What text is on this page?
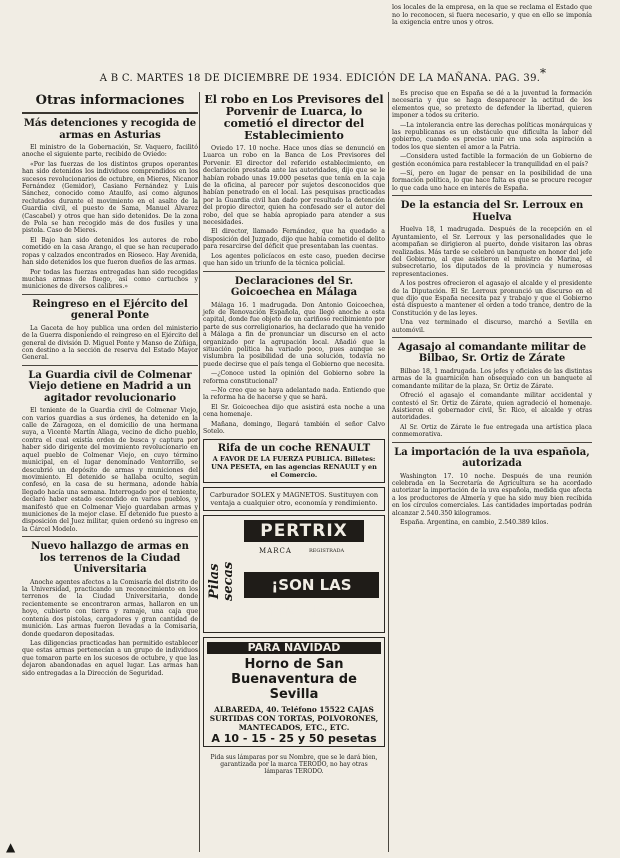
los locales de la empresa, en la que se reclama el Estado que no lo reconocen, si fuera necesario, y que en ello se imponía la exigencia entre unos y otros.
A B C. MARTES 18 DE DICIEMBRE DE 1934. EDICIÓN DE LA MAÑANA. PAG. 39. *
Otras informaciones
Más detenciones y recogida de armas en Asturias

El ministro de la Gobernación, Sr. Vaquero, facilitó anoche el siguiente parte, recibido de Oviedo:

«Por las fuerzas de los distintos grupos operantes han sido detenidos los individuos comprendidos en los sucesos revolucionarios de octubre, en Mieres, Nicanor Fernández (Gemidor), Casiano Fernández y Luis Sánchez, conocido como Ataulfo, así como algunos reclutados durante el movimiento en el asalto de la Guardia civil, el puesto de Sama, Manuel Álvarez (Cascabel) y otros que han sido detenidos. De la zona de Pola se han recogido más de dos fusiles y una pistola. Caso de Mieres.

El Bajo han sido detenidos los autores de robo cometido en la casa Arango, el que se han recuperado ropas y calzados encontrados en Rioseco. Hay Avenida, han sido detenidos los que fueron dueños de las armas.

Por todas las fuerzas entregadas han sido recogidas muchas armas de fuego, así como cartuchos y municiones de diversos calibres.»

Reingreso en el Ejército del general Ponte

La Gaceta de hoy publica una orden del ministerio de la Guerra disponiendo el reingreso en el Ejército del general de división D. Miguel Ponte y Manso de Zúñiga, con destino a la sección de reserva del Estado Mayor General.

La Guardia civil de Colmenar Viejo detiene en Madrid a un agitador revolucionario

El teniente de la Guardia civil de Colmenar Viejo, con varios guardias a sus órdenes, ha detenido en la calle de Zaragoza, en el domicilio de una hermana suya, a Vicente Martín Aliaga, vecino de dicho pueblo, contra el cual existía orden de busca y captura por haber sido dirigente del movimiento revolucionario en aquel pueblo de Colmenar Viejo, en cuyo término municipal, en el lugar denominado Ventorrillo, se descubrió un depósito de armas y municiones del movimiento. El detenido se hallaba oculto, según confesó, en la casa de su hermana, adonde había llegado hacía una semana. Interrogado por el teniente, declaró haber estado escondido en varios pueblos, y manifestó que en Colmenar Viejo guardaban armas y municiones de la mejor clase. El detenido fue puesto a disposición del Juez militar, quien ordenó su ingreso en la Cárcel Modelo.

Nuevo hallazgo de armas en los terrenos de la Ciudad Universitaria

Anoche agentes afectos a la Comisaría del distrito de la Universidad, practicando un reconocimiento en los terrenos de la Ciudad Universitaria, donde recientemente se encontraron armas, hallaron en un hoyo, cubierto con tierra y ramaje, una caja que contenía dos pistolas, cargadores y gran cantidad de munición. Las armas fueron llevadas a la Comisaría, donde quedaron depositadas.

Las diligencias practicadas han permitido establecer que estas armas pertenecían a un grupo de individuos que tomaron parte en los sucesos de octubre, y que las dejaron abandonadas en aquel lugar. Las armas han sido entregadas a la Dirección de Seguridad.

El robo en Los Previsores del Porvenir de Luarca, lo cometió el director del Establecimiento

Oviedo 17. 10 noche. Hace unos días se denunció en Luarca un robo en la Banca de Los Previsores del Porvenir. El director del referido establecimiento, en declaración prestada ante las autoridades, dijo que se le habían robado unas 19.000 pesetas que tenía en la caja de la oficina, al parecer por sujetos desconocidos que habían penetrado en el local. Las pesquisas practicadas por la Guardia civil han dado por resultado la detención del propio director, quien ha confesado ser el autor del robo, del que se había apropiado para atender a sus necesidades.

El director, llamado Fernández, que ha quedado a disposición del Juzgado, dijo que había cometido el delito para resarcirse del déficit que presentaban las cuentas.

Los agentes policíacos en este caso, pueden decirse que han sido un triunfo de la técnica policial.

Declaraciones del Sr. Goicoechea en Málaga

Málaga 16. 1 madrugada. Don Antonio Goicoechea, jefe de Renovación Española, que llegó anoche a esta capital, donde fue objeto de un cariñoso recibimiento por parte de sus correligionarios, ha declarado que ha venido a Málaga a fin de pronunciar un discurso en el acto organizado por la agrupación local. Añadió que la situación política ha variado poco, pues aunque se vislumbra la posibilidad de una solución, todavía no puede decirse que el país tenga el Gobierno que necesita.

—¿Conoce usted la opinión del Gobierno sobre la reforma constitucional?

—No creo que se haya adelantado nada. Entiendo que la reforma ha de hacerse y que se hará.

El Sr. Goicoechea dijo que asistirá esta noche a una cena homenaje.

Mañana, domingo, llegará también el señor Calvo Sotelo.

Rifa de un coche RENAULT
A FAVOR DE LA FUERZA PUBLICA. Billetes: UNA PESETA, en las agencias RENAULT y en el Comercio.
Carburador SOLEX y MAGNETOS. Sustituyen con ventaja a cualquier otro, economía y rendimiento.
Pilas secas
PERTRIX
MARCA	REGISTRADA
¡SON LAS MEJORES!
PARA NAVIDAD
Horno de San Buenaventura de Sevilla
ALBAREDA, 40. Teléfono 15522 CAJAS SURTIDAS CON TORTAS, POLVORONES, MANTECADOS, ETC., ETC.
A 10 - 15 - 25 y 50 pesetas
Pida sus lámparas por su Nombre, que se le dará bien, garantizada por la marca TERODO, no hay otras lámparas TERODO.

Es preciso que en España se dé a la juventud la formación necesaria y que se haga desaparecer la actitud de los elementos que, so pretexto de defender la libertad, quieren imponer a todos su criterio.

—La intolerancia entre las derechas políticas monárquicas y las republicanas es un obstáculo que dificulta la labor del gobierno, cuando es preciso unir en una sola aspiración a todos los que sienten el amor a la Patria.

—Considera usted factible la formación de un Gobierno de gestión económica para restablecer la tranquilidad en el país?

—Sí, pero en lugar de pensar en la posibilidad de una formación política, lo que hace falta es que se procure recoger lo que cada uno hace en interés de España.

De la estancia del Sr. Lerroux en Huelva

Huelva 18, 1 madrugada. Después de la recepción en el Ayuntamiento, el Sr. Lerroux y las personalidades que le acompañan se dirigieron al puerto, donde visitaron las obras realizadas. Más tarde se celebró un banquete en honor del jefe del Gobierno, al que asistieron el ministro de Marina, el subsecretario, los diputados de la provincia y numerosas representaciones.

A los postres ofrecieron el agasajo el alcalde y el presidente de la Diputación. El Sr. Lerroux pronunció un discurso en el que dijo que España necesita paz y trabajo y que el Gobierno está dispuesto a mantener el orden a todo trance, dentro de la Constitución y de las leyes.

Una vez terminado el discurso, marchó a Sevilla en automóvil.

Agasajo al comandante militar de Bilbao, Sr. Ortiz de Zárate

Bilbao 18, 1 madrugada. Los jefes y oficiales de las distintas armas de la guarnición han obsequiado con un banquete al comandante militar de la plaza, Sr. Ortiz de Zárate.

Ofreció el agasajo el comandante militar accidental y contestó el Sr. Ortiz de Zárate, quien agradeció el homenaje. Asistieron el gobernador civil, Sr. Rico, el alcalde y otras autoridades.

Al Sr. Ortiz de Zárate le fue entregada una artística placa conmemorativa.

La importación de la uva española, autorizada

Washington 17. 10 noche. Después de una reunión celebrada en la Secretaría de Agricultura se ha acordado autorizar la importación de la uva española, medida que afecta a los productores de Almería y que ha sido muy bien recibida en los círculos comerciales. Las cantidades importadas podrán alcanzar 2.540.350 kilogramos.

España. Argentina, en cambio, 2.540.389 kilos.

▲
